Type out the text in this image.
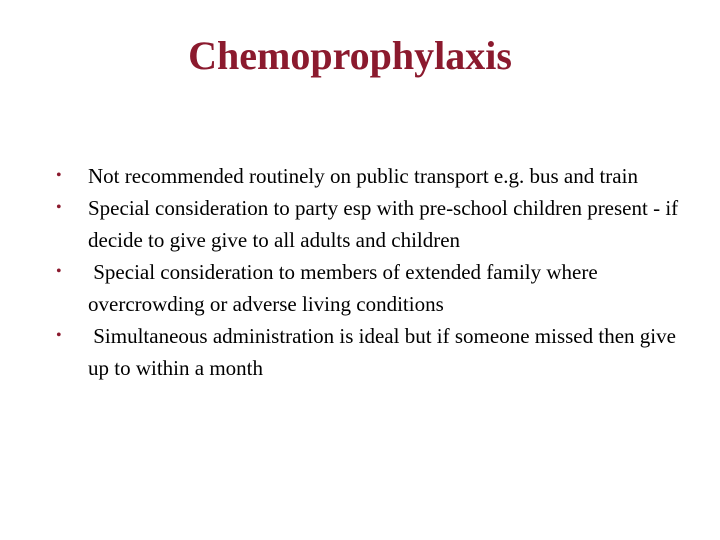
Chemoprophylaxis
•	Not recommended routinely on public transport e.g. bus and train
•	Special consideration to party esp with pre-school children present - if decide to give give to all adults and children
•	Special consideration to members of extended family where overcrowding or adverse living conditions
•	Simultaneous administration is ideal but if someone missed then give up to within a month
